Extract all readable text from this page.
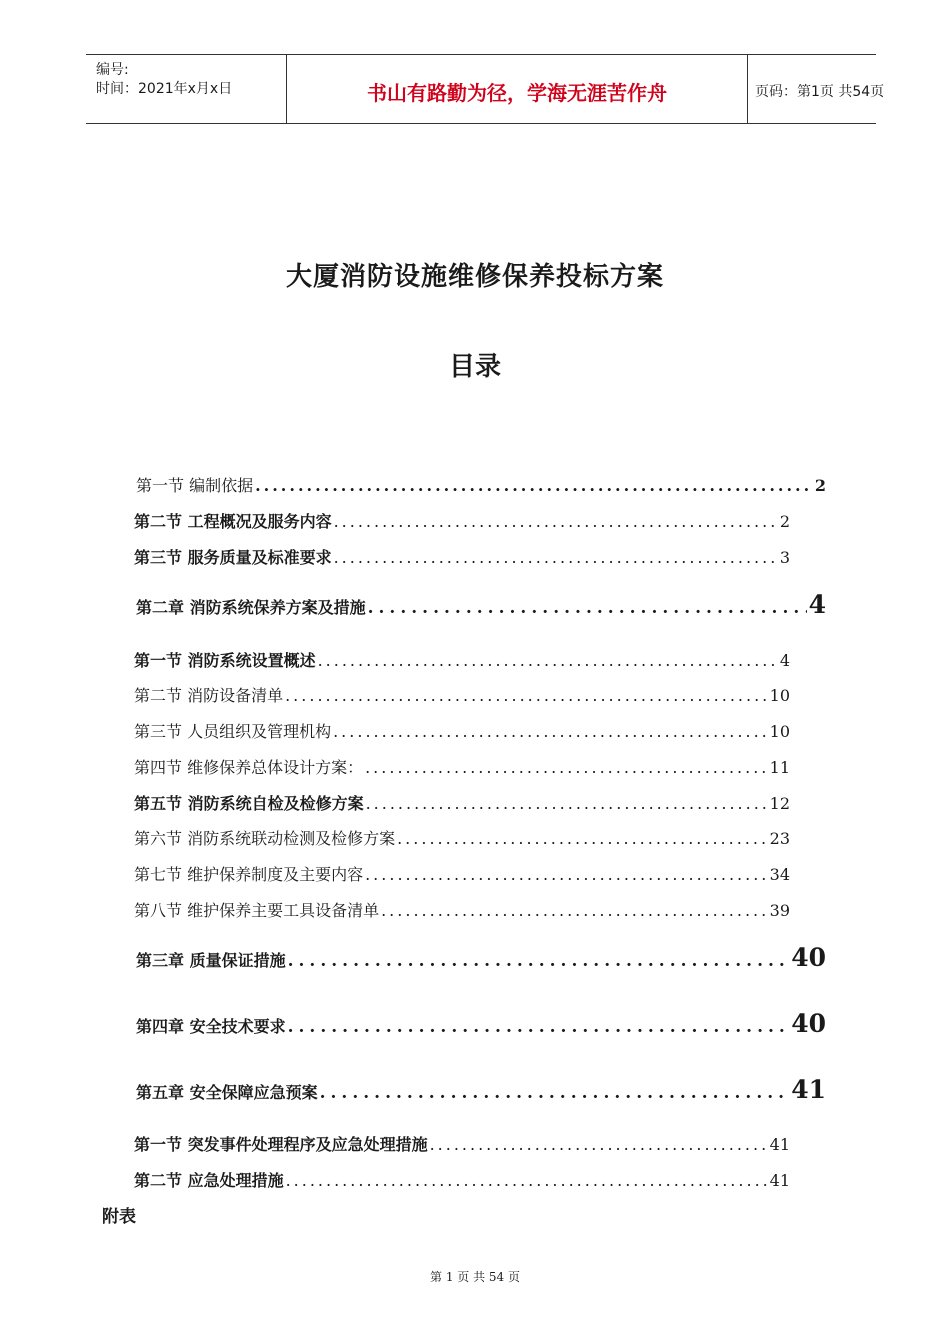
编号:
时间：2021年x月x日	书山有路勤为径，学海无涯苦作舟	页码：第1页 共54页
大厦消防设施维修保养投标方案
目录
第一节 编制依据 .....	2
第二节 工程概况及服务内容 .....	2
第三节 服务质量及标准要求 .....	3
第二章 消防系统保养方案及措施 .....	4
第一节 消防系统设置概述 .....	4
第二节 消防设备清单 .....	10
第三节 人员组织及管理机构 .....	10
第四节 维修保养总体设计方案： .....	11
第五节 消防系统自检及检修方案 .....	12
第六节 消防系统联动检测及检修方案 .....	23
第七节 维护保养制度及主要内容 .....	34
第八节 维护保养主要工具设备清单 .....	39
第三章 质量保证措施 .....	40
第四章 安全技术要求 .....	40
第五章 安全保障应急预案 .....	41
第一节 突发事件处理程序及应急处理措施 .....	41
第二节 应急处理措施 .....	41
附表
第 1 页 共 54 页
